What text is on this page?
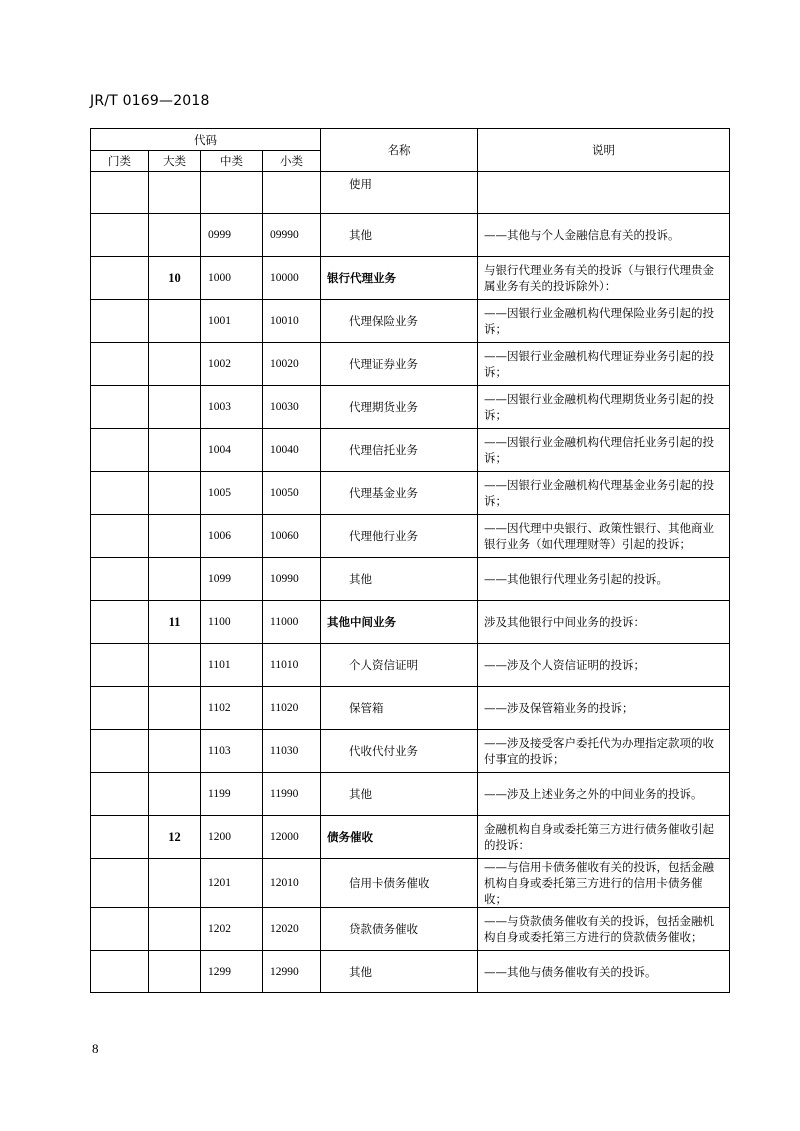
JR/T 0169—2018
代码				名称	说明
门类	大类	中类	小类		

				使用	

		0999	09990	其他	——其他与个人金融信息有关的投诉。
	10	1000	10000	银行代理业务	与银行代理业务有关的投诉（与银行代理贵金属业务有关的投诉除外）：
		1001	10010	代理保险业务	——因银行业金融机构代理保险业务引起的投诉；
		1002	10020	代理证券业务	——因银行业金融机构代理证券业务引起的投诉；
		1003	10030	代理期货业务	——因银行业金融机构代理期货业务引起的投诉；
		1004	10040	代理信托业务	——因银行业金融机构代理信托业务引起的投诉；
		1005	10050	代理基金业务	——因银行业金融机构代理基金业务引起的投诉；
		1006	10060	代理他行业务	——因代理中央银行、政策性银行、其他商业银行业务（如代理理财等）引起的投诉；
		1099	10990	其他	——其他银行代理业务引起的投诉。
	11	1100	11000	其他中间业务	涉及其他银行中间业务的投诉：
		1101	11010	个人资信证明	——涉及个人资信证明的投诉；
		1102	11020	保管箱	——涉及保管箱业务的投诉；
		1103	11030	代收代付业务	——涉及接受客户委托代为办理指定款项的收付事宜的投诉；
		1199	11990	其他	——涉及上述业务之外的中间业务的投诉。
	12	1200	12000	债务催收	金融机构自身或委托第三方进行债务催收引起的投诉：
		1201	12010	信用卡债务催收	——与信用卡债务催收有关的投诉，包括金融机构自身或委托第三方进行的信用卡债务催收；
		1202	12020	贷款债务催收	——与贷款债务催收有关的投诉，包括金融机构自身或委托第三方进行的贷款债务催收；
		1299	12990	其他	——其他与债务催收有关的投诉。
8
